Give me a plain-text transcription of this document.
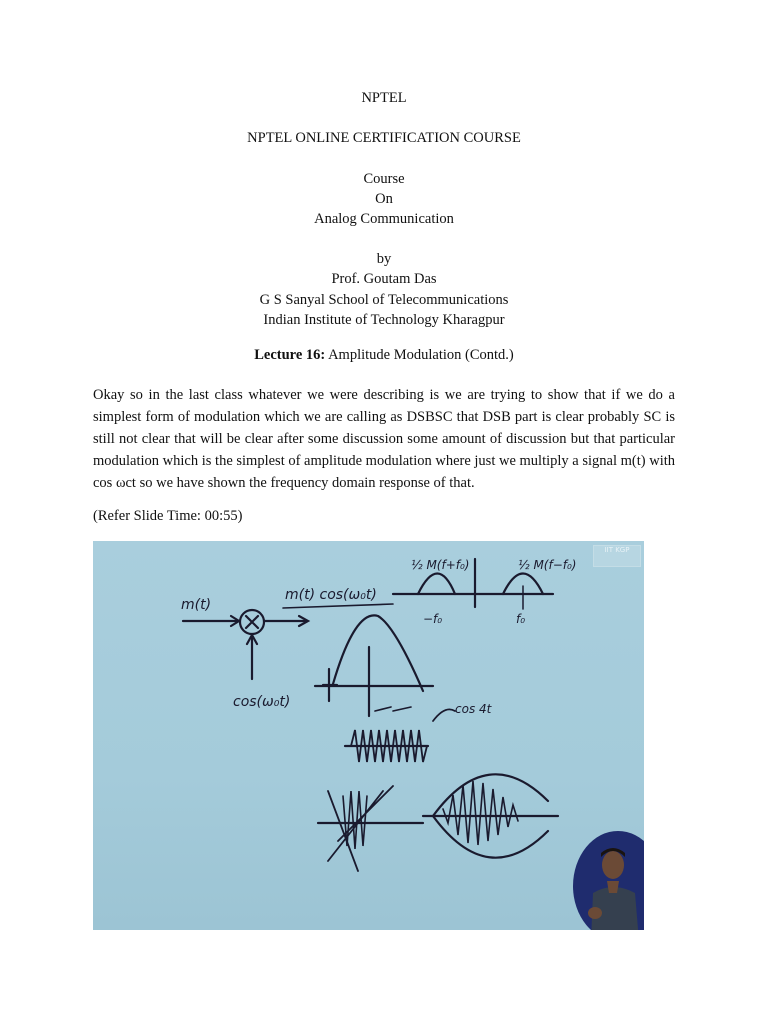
NPTEL
NPTEL ONLINE CERTIFICATION COURSE
Course
On
Analog Communication
by
Prof. Goutam Das
G S Sanyal School of Telecommunications
Indian Institute of Technology Kharagpur
Lecture 16: Amplitude Modulation (Contd.)
Okay so in the last class whatever we were describing is we are trying to show that if we do a simplest form of modulation which we are calling as DSBSC that DSB part is clear probably SC is still not clear that will be clear after some discussion some amount of discussion but that particular modulation which is the simplest of amplitude modulation where just we multiply a signal m(t) with cos ωct so we have shown the frequency domain response of that.
(Refer Slide Time: 00:55)
m(t)
cos(ω₀t)
m(t) cos(ω₀t)
½ M(f+f₀)	½ M(f−f₀)
−f₀	f₀
cos 4t
IIT KGP
